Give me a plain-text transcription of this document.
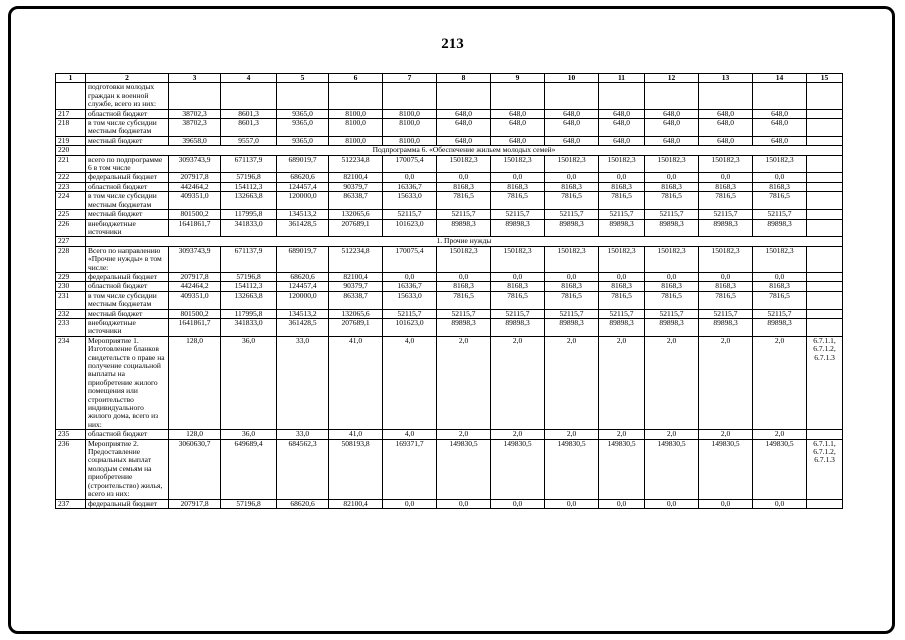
213
1	2	3	4	5	6	7	8	9	10	11	12	13	14	15
	подготовки молодых граждан к военной службе, всего из них:													
217	областной бюджет	38702,3	8601,3	9365,0	8100,0	8100,0	648,0	648,0	648,0	648,0	648,0	648,0	648,0	
218	в том числе субсидии местным бюджетам	38702,3	8601,3	9365,0	8100,0	8100,0	648,0	648,0	648,0	648,0	648,0	648,0	648,0	
219	местный бюджет	39658,0	9557,0	9365,0	8100,0	8100,0	648,0	648,0	648,0	648,0	648,0	648,0	648,0	
220	Подпрограмма 6. «Обеспечение жильем молодых семей»													
221	всего по подпрограмме 6 в том числе	3093743,9	671137,9	689019,7	512234,8	170075,4	150182,3	150182,3	150182,3	150182,3	150182,3	150182,3	150182,3	
222	федеральный бюджет	207917,8	57196,8	68620,6	82100,4	0,0	0,0	0,0	0,0	0,0	0,0	0,0	0,0	
223	областной бюджет	442464,2	154112,3	124457,4	90379,7	16336,7	8168,3	8168,3	8168,3	8168,3	8168,3	8168,3	8168,3	
224	в том числе субсидии местным бюджетам	409351,0	132663,8	120000,0	86338,7	15633,0	7816,5	7816,5	7816,5	7816,5	7816,5	7816,5	7816,5	
225	местный бюджет	801500,2	117995,8	134513,2	132065,6	52115,7	52115,7	52115,7	52115,7	52115,7	52115,7	52115,7	52115,7	
226	внебюджетные источники	1641861,7	341833,0	361428,5	207689,1	101623,0	89898,3	89898,3	89898,3	89898,3	89898,3	89898,3	89898,3	
227	1. Прочие нужды													
228	Всего по направлению «Прочие нужды» в том числе:	3093743,9	671137,9	689019,7	512234,8	170075,4	150182,3	150182,3	150182,3	150182,3	150182,3	150182,3	150182,3	
229	федеральный бюджет	207917,8	57196,8	68620,6	82100,4	0,0	0,0	0,0	0,0	0,0	0,0	0,0	0,0	
230	областной бюджет	442464,2	154112,3	124457,4	90379,7	16336,7	8168,3	8168,3	8168,3	8168,3	8168,3	8168,3	8168,3	
231	в том числе субсидии местным бюджетам	409351,0	132663,8	120000,0	86338,7	15633,0	7816,5	7816,5	7816,5	7816,5	7816,5	7816,5	7816,5	
232	местный бюджет	801500,2	117995,8	134513,2	132065,6	52115,7	52115,7	52115,7	52115,7	52115,7	52115,7	52115,7	52115,7	
233	внебюджетные источники	1641861,7	341833,0	361428,5	207689,1	101623,0	89898,3	89898,3	89898,3	89898,3	89898,3	89898,3	89898,3	
234	Мероприятие 1. Изготовление бланков свидетельств о праве на получение социальной выплаты на приобретение жилого помещения или строительство индивидуального жилого дома, всего из них:	128,0	36,0	33,0	41,0	4,0	2,0	2,0	2,0	2,0	2,0	2,0	2,0	6.7.1.1, 6.7.1.2, 6.7.1.3
235	областной бюджет	128,0	36,0	33,0	41,0	4,0	2,0	2,0	2,0	2,0	2,0	2,0	2,0	
236	Мероприятие 2. Предоставление социальных выплат молодым семьям на приобретение (строительство) жилья, всего из них:	3060630,7	649689,4	684562,3	508193,8	169371,7	149830,5	149830,5	149830,5	149830,5	149830,5	149830,5	149830,5	6.7.1.1, 6.7.1.2, 6.7.1.3
237	федеральный бюджет	207917,8	57196,8	68620,6	82100,4	0,0	0,0	0,0	0,0	0,0	0,0	0,0	0,0	
